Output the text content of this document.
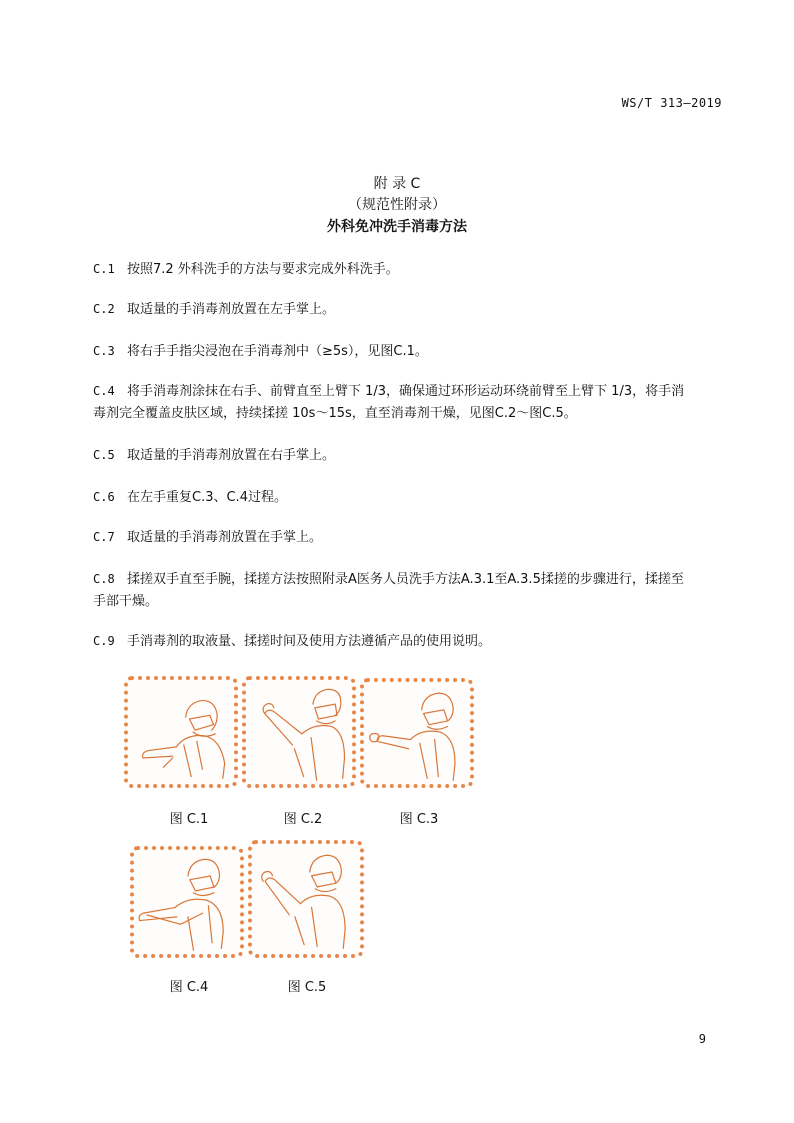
WS/T 313—2019
附 录 C
（规范性附录）
外科免冲洗手消毒方法
C.1 按照7.2 外科洗手的方法与要求完成外科洗手。
C.2 取适量的手消毒剂放置在左手掌上。
C.3 将右手手指尖浸泡在手消毒剂中（≥5s），见图C.1。
C.4 将手消毒剂涂抹在右手、前臂直至上臂下 1/3，确保通过环形运动环绕前臂至上臂下 1/3，将手消
毒剂完全覆盖皮肤区域，持续揉搓 10s～15s，直至消毒剂干燥，见图C.2～图C.5。
C.5 取适量的手消毒剂放置在右手掌上。
C.6 在左手重复C.3、C.4过程。
C.7 取适量的手消毒剂放置在手掌上。
C.8 揉搓双手直至手腕，揉搓方法按照附录A医务人员洗手方法A.3.1至A.3.5揉搓的步骤进行，揉搓至
手部干燥。
C.9 手消毒剂的取液量、揉搓时间及使用方法遵循产品的使用说明。
图 C.1	图 C.2	图 C.3
图 C.4	图 C.5
9
